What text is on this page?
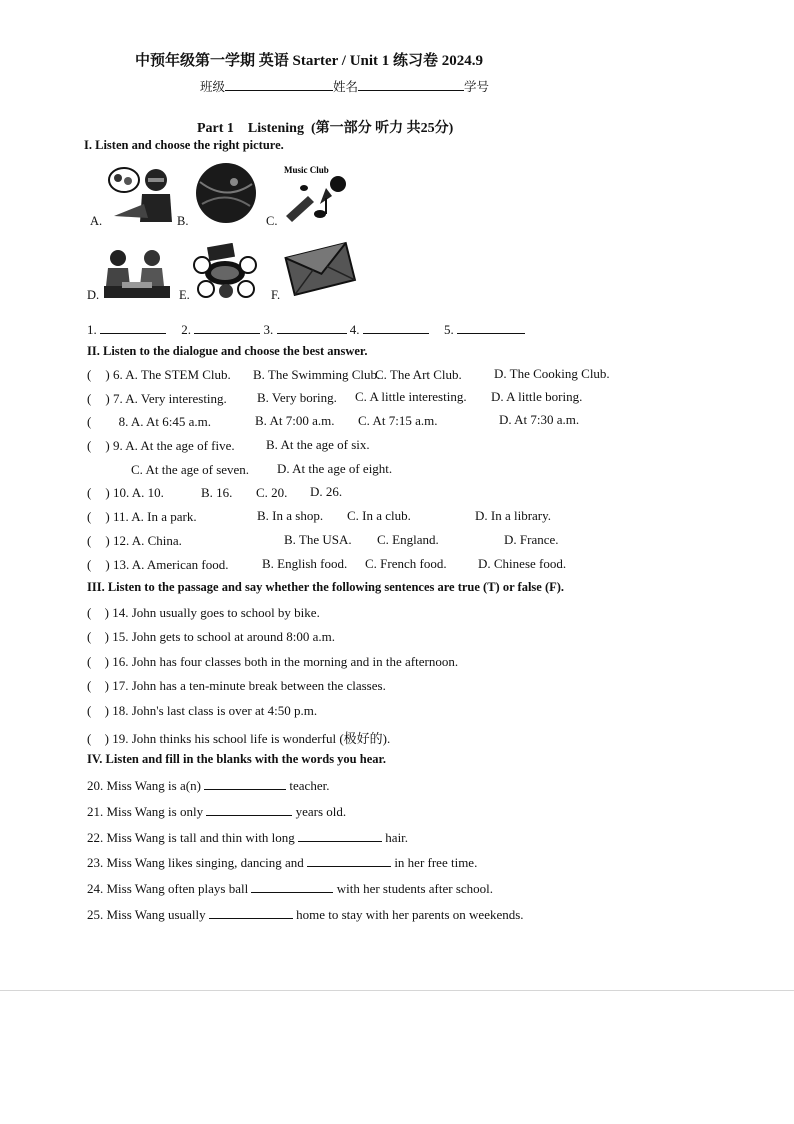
中预年级第一学期 英语 Starter / Unit 1 练习卷 2024.9
班级	姓名	学号
Part 1    Listening  (第一部分 听力 共25分)
I. Listen and choose the right picture.
A.	B.	C.
Music Club
D.	E.	F.
1.	2.	3.	4.	5.
II. Listen to the dialogue and choose the best answer.
( ) 6. A. The STEM Club. B. The Swimming Club.
C. The Art Club. D. The Cooking Club.
( ) 7. A. Very interesting. B. Very boring. C. A little interesting. D. A little boring.
( 8. A. At 6:45 a.m.	B. At 7:00 a.m. C. At 7:15 a.m.	D. At 7:30 a.m.
( ) 9. A. At the age of five. B. At the age of six.
C. At the age of seven. D. At the age of eight.
( ) 10. A. 10.	B. 16. C. 20. D. 26.
( ) 11. A. In a park.	B. In a shop. C. In a club.	D. In a library.
( ) 12. A. China.	B. The USA. C. England.	D. France.
( ) 13. A. American food.	B. English food. C. French food. D. Chinese food.
III. Listen to the passage and say whether the following sentences are true (T) or false (F).
( ) 14. John usually goes to school by bike.
( ) 15. John gets to school at around 8:00 a.m.
( ) 16. John has four classes both in the morning and in the afternoon.
( ) 17. John has a ten-minute break between the classes.
( ) 18. John's last class is over at 4:50 p.m.
( ) 19. John thinks his school life is wonderful (极好的).
IV. Listen and fill in the blanks with the words you hear.
20. Miss Wang is a(n)	teacher.
21. Miss Wang is only	years old.
22. Miss Wang is tall and thin with long	hair.
23. Miss Wang likes singing, dancing and	in her free time.
24. Miss Wang often plays ball	with her students after school.
25. Miss Wang usually	home to stay with her parents on weekends.
